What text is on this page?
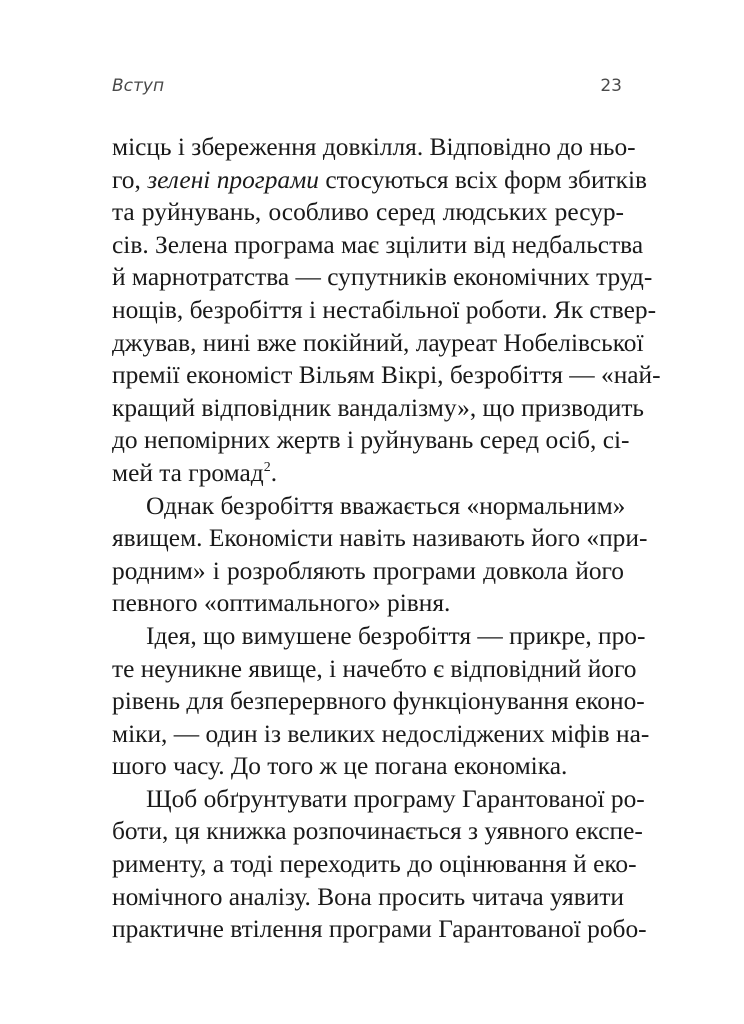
Вступ	23
місць і збереження довкілля. Відповідно до ньо-
го, зелені програми стосуються всіх форм збитків
та руйнувань, особливо серед людських ресур-
сів. Зелена програма має зцілити від недбальства
й марнотратства — супутників економічних труд-
нощів, безробіття і нестабільної роботи. Як ствер-
джував, нині вже покійний, лауреат Нобелівської
премії економіст Вільям Вікрі, безробіття — «най-
кращий відповідник вандалізму», що призводить
до непомірних жертв і руйнувань серед осіб, сі-
мей та громад$^2$.
Однак безробіття вважається «нормальним»
явищем. Економісти навіть називають його «при-
родним» і розробляють програми довкола його
певного «оптимального» рівня.
Ідея, що вимушене безробіття — прикре, про-
те неуникне явище, і начебто є відповідний його
рівень для безперервного функціонування еконо-
міки, — один із великих недосліджених міфів на-
шого часу. До того ж це погана економіка.
Щоб обґрунтувати програму Гарантованої ро-
боти, ця книжка розпочинається з уявного експе-
рименту, а тоді переходить до оцінювання й еко-
номічного аналізу. Вона просить читача уявити
практичне втілення програми Гарантованої робо-
